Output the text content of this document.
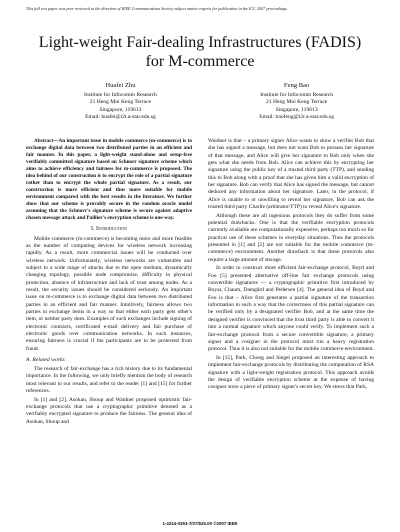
This full text paper was peer reviewed at the direction of IEEE Communications Society subject matter experts for publication in the ICC 2007 proceedings.
Light-weight Fair-dealing Infrastructures (FADIS)
for M-commerce
Huafei Zhu
Institute for Infocomm Research
21 Heng Mui Keng Terrace
Singapore, 119613
Email: huafei@i2r.a-star.edu.sg
Feng Bao
Institute for Infocomm Research
21 Heng Mui Keng Terrace
Singapore, 119613
Email: baofeng@i2r.a-star.edu.sg

Abstract—An important issue in mobile commerce (m-commerce) is to exchange digital data between two distributed parties in an efficient and fair manner. In this paper, a light-weight stand-alone and setup-free verifiably committed signature based on Schnorr signature scheme which aims to achieve efficiency and fairness for m-commerce is proposed. The idea behind of our construction is to encrypt the role of a partial signature rather than to encrypt the whole partial signature. As a result, our construction is more efficient and thus more suitable for mobile environment compared with the best results in the literature. We further show that our scheme is provably secure in the random oracle model assuming that the Schnorr's signature scheme is secure against adaptive chosen message attack and Paillier's encryption scheme is one-way.

I. Introduction

Mobile commerce (m-commerce) is becoming more and more feasible as the number of computing devices for wireless network increasing rapidly. As a result, more commercial issues will be conducted over wireless network. Unfortunately, wireless networks are vulnerable and subject to a wide range of attacks due to the open medium, dynamically changing topology, possible node compromise, difficulty in physical protection, absence of infrastructure and lack of trust among nodes. As a result, the security issues should be considered seriously. An important issue on m-commerce is to exchange digital data between two distributed parties in an efficient and fair manner. Intuitively, fairness allows two parties to exchange items in a way so that either each party gets other's item, or neither party does. Examples of such exchanges include signing of electronic contracts, certificated e-mail delivery and fair purchase of electronic goods over communication networks. In such instances, ensuring fairness is crucial if the participants are to be protected from fraud.

A. Related works

The research of fair-exchange has a rich history due to its fundamental importance. In the following, we only briefly mention the body of research most relevant to our results, and refer to the reader [1] and [15] for further references.

In [1] and [2], Asokan, Shoup and Waidner proposed optimistic fair-exchange protocols that use a cryptographic primitive denoted as a verifiably encrypted signature to produce the fairness. The general idea of Asokan, Shoup and

Waidner is that – a primary signer Alice wants to show a verifier Bob that she has signed a message, but does not want Bob to possess her signature of that message, and Alice will give her signature to Bob only when she gets what she needs from Bob. Alice can achieve this by encrypting her signature using the public key of a trusted third party (TTP), and sending this to Bob along with a proof that she has given him a valid encryption of her signature. Bob can verify that Alice has signed the message, but cannot deduced any information about her signature. Later, in the protocol, if Alice is unable to or unwilling to reveal her signature, Bob can ask the trusted third party Charlie (arbitrator/TTP) to reveal Alice's signature.

Although these are all ingenious protocols they do suffer from some potential drawbacks. One is that the verifiable encryption protocols currently available are computationally expensive, perhaps too much so for practical use of these schemes in everyday situations. Thus the protocols presented in [1] and [2] are not suitable for the mobile commerce (m-commerce) environment. Another drawback is that these protocols also require a large amount of storage.

In order to construct more efficient fair-exchange protocol, Boyd and Foo [5] presented alternative off-line fair exchange protocols using convertible signatures — a cryptographic primitive first introduced by Boyar, Chaum, Damgård and Pedersen [4]. The general idea of Boyd and Foo is that – Alice first generates a partial signature of the transaction information in such a way that the correctness of this partial signature can be verified only by a designated verifier Bob, and at the same time the designed verifier is convinced that the trust third party is able to convert it into a normal signature which anyone could verify. To implement such a fair-exchange protocol from a secure convertible signature, a primary signer and a cosigner in the protocol must run a heavy registration protocol. Thus it is also not suitable for the mobile commerce environment.

In [15], Park, Chong and Siegel proposed an interesting approach to implement fair-exchange protocols by distributing the computation of RSA signature with a light-weight registration protocol. This approach avoids the design of verifiable encryption scheme at the expense of having cosigner store a piece of primary signer's secret key. We stress that Park,

1-4244-0353-7/07/$25.00 ©2007 IEEE
